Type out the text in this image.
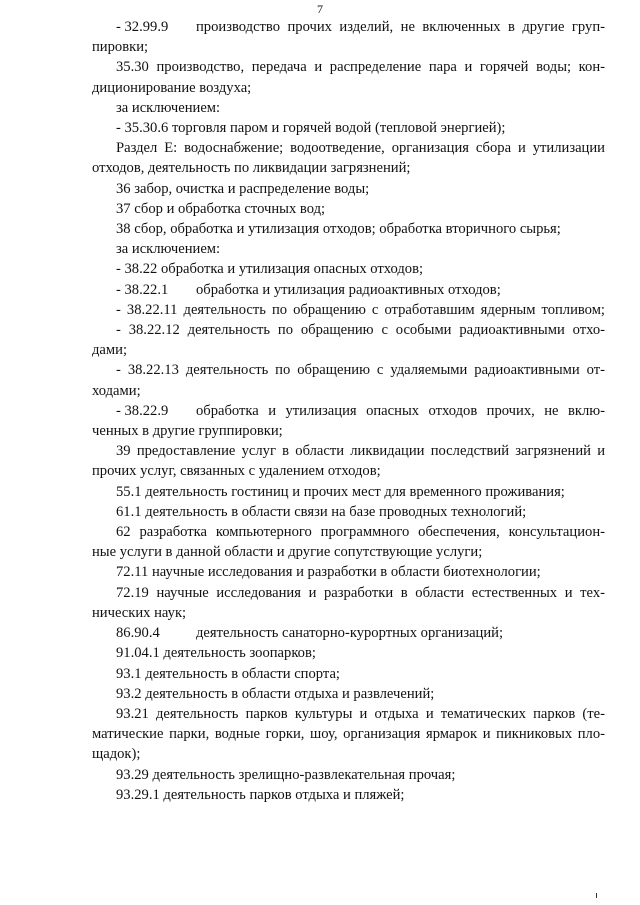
7
- 32.99.9	производство прочих изделий, не включенных в другие груп-
пировки;
35.30 производство, передача и распределение пара и горячей воды; кон-
диционирование воздуха;
за исключением:
- 35.30.6 торговля паром и горячей водой (тепловой энергией);
Раздел Е: водоснабжение; водоотведение, организация сбора и утилизации
отходов, деятельность по ликвидации загрязнений;
36 забор, очистка и распределение воды;
37 сбор и обработка сточных вод;
38 сбор, обработка и утилизация отходов; обработка вторичного сырья;
за исключением:
- 38.22 обработка и утилизация опасных отходов;
- 38.22.1	обработка и утилизация радиоактивных отходов;
- 38.22.11 деятельность по обращению с отработавшим ядерным топливом;
- 38.22.12 деятельность по обращению с особыми радиоактивными отхо-
дами;
- 38.22.13 деятельность по обращению с удаляемыми радиоактивными от-
ходами;
- 38.22.9	обработка и утилизация опасных отходов прочих, не вклю-
ченных в другие группировки;
39 предоставление услуг в области ликвидации последствий загрязнений и
прочих услуг, связанных с удалением отходов;
55.1 деятельность гостиниц и прочих мест для временного проживания;
61.1 деятельность в области связи на базе проводных технологий;
62 разработка компьютерного программного обеспечения, консультацион-
ные услуги в данной области и другие сопутствующие услуги;
72.11 научные исследования и разработки в области биотехнологии;
72.19 научные исследования и разработки в области естественных и тех-
нических наук;
86.90.4	деятельность санаторно-курортных организаций;
91.04.1 деятельность зоопарков;
93.1 деятельность в области спорта;
93.2 деятельность в области отдыха и развлечений;
93.21 деятельность парков культуры и отдыха и тематических парков (те-
матические парки, водные горки, шоу, организация ярмарок и пикниковых пло-
щадок);
93.29 деятельность зрелищно-развлекательная прочая;
93.29.1 деятельность парков отдыха и пляжей;
